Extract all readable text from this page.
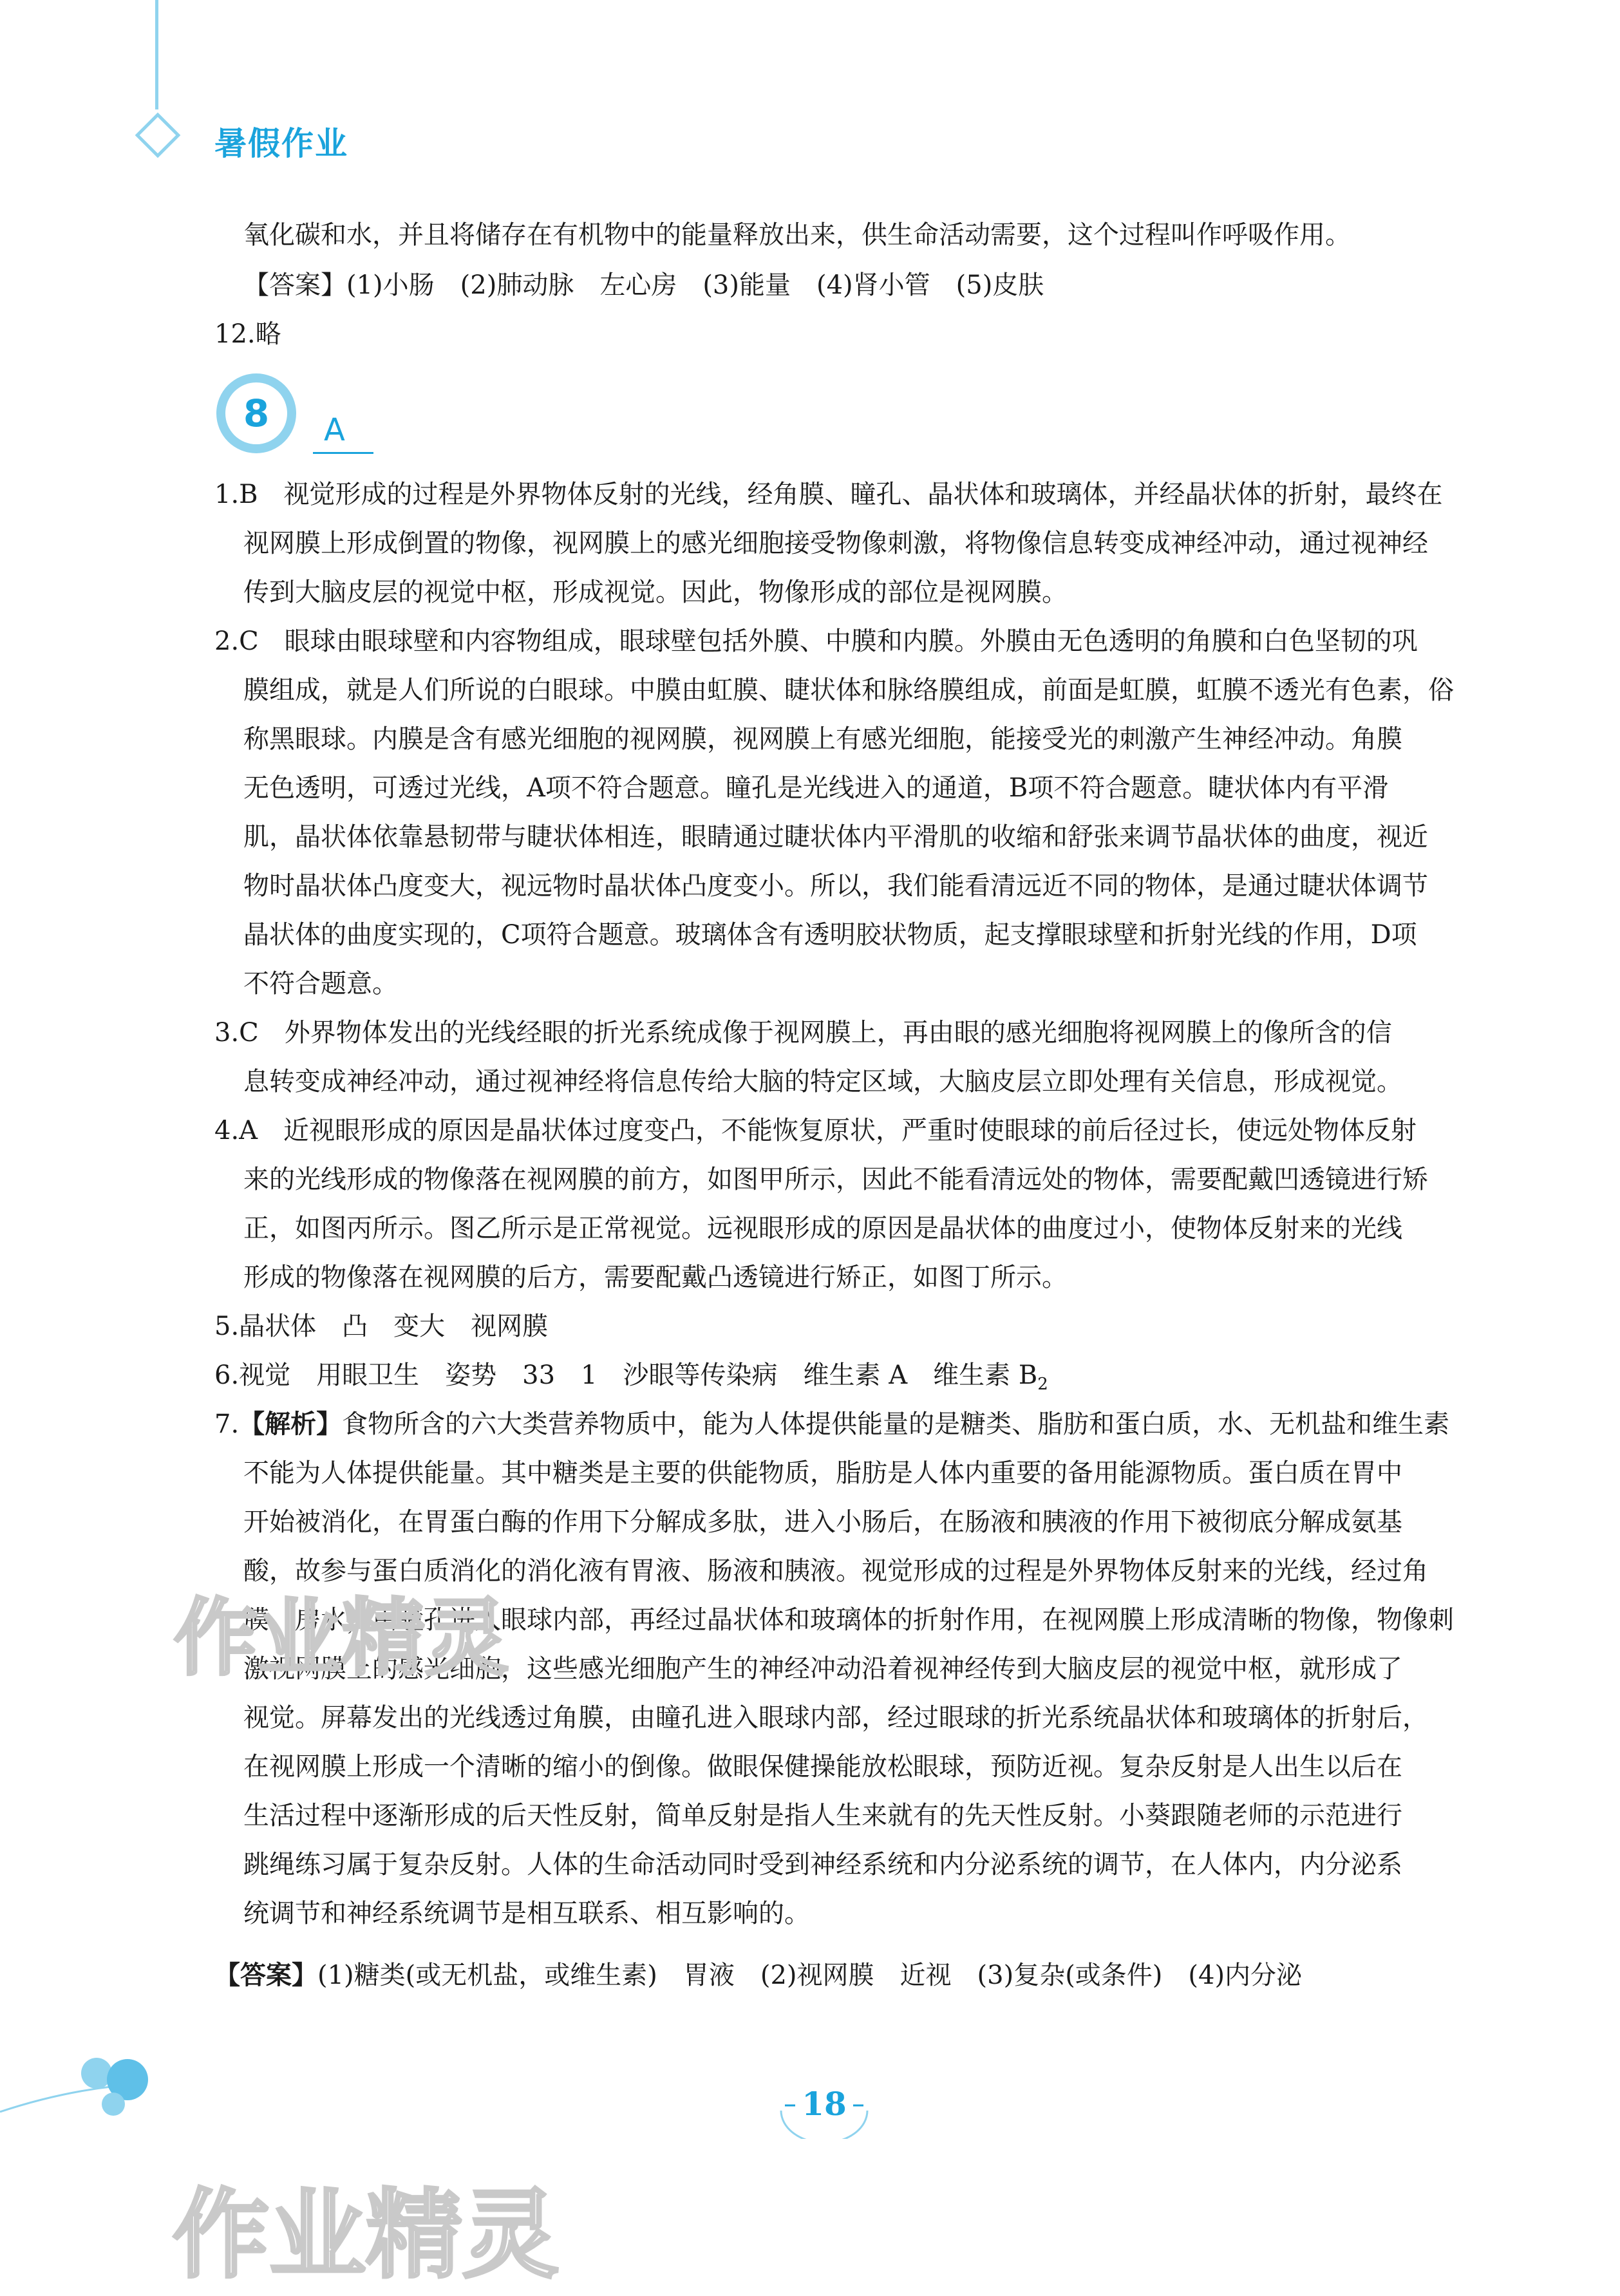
暑假作业
氧化碳和水，并且将储存在有机物中的能量释放出来，供生命活动需要，这个过程叫作呼吸作用。
【答案】(1)小肠　(2)肺动脉　左心房　(3)能量　(4)肾小管　(5)皮肤
12.略
8 A
1.B　视觉形成的过程是外界物体反射的光线，经角膜、瞳孔、晶状体和玻璃体，并经晶状体的折射，最终在
视网膜上形成倒置的物像，视网膜上的感光细胞接受物像刺激，将物像信息转变成神经冲动，通过视神经
传到大脑皮层的视觉中枢，形成视觉。因此，物像形成的部位是视网膜。
2.C　眼球由眼球壁和内容物组成，眼球壁包括外膜、中膜和内膜。外膜由无色透明的角膜和白色坚韧的巩
膜组成，就是人们所说的白眼球。中膜由虹膜、睫状体和脉络膜组成，前面是虹膜，虹膜不透光有色素，俗
称黑眼球。内膜是含有感光细胞的视网膜，视网膜上有感光细胞，能接受光的刺激产生神经冲动。角膜
无色透明，可透过光线，A项不符合题意。瞳孔是光线进入的通道，B项不符合题意。睫状体内有平滑
肌，晶状体依靠悬韧带与睫状体相连，眼睛通过睫状体内平滑肌的收缩和舒张来调节晶状体的曲度，视近
物时晶状体凸度变大，视远物时晶状体凸度变小。所以，我们能看清远近不同的物体，是通过睫状体调节
晶状体的曲度实现的，C项符合题意。玻璃体含有透明胶状物质，起支撑眼球壁和折射光线的作用，D项
不符合题意。
3.C　外界物体发出的光线经眼的折光系统成像于视网膜上，再由眼的感光细胞将视网膜上的像所含的信
息转变成神经冲动，通过视神经将信息传给大脑的特定区域，大脑皮层立即处理有关信息，形成视觉。
4.A　近视眼形成的原因是晶状体过度变凸，不能恢复原状，严重时使眼球的前后径过长，使远处物体反射
来的光线形成的物像落在视网膜的前方，如图甲所示，因此不能看清远处的物体，需要配戴凹透镜进行矫
正，如图丙所示。图乙所示是正常视觉。远视眼形成的原因是晶状体的曲度过小，使物体反射来的光线
形成的物像落在视网膜的后方，需要配戴凸透镜进行矫正，如图丁所示。
5.晶状体　凸　变大　视网膜
6.视觉　用眼卫生　姿势　33　1　沙眼等传染病　维生素 A　维生素 $B_2$
7.【解析】食物所含的六大类营养物质中，能为人体提供能量的是糖类、脂肪和蛋白质，水、无机盐和维生素
不能为人体提供能量。其中糖类是主要的供能物质，脂肪是人体内重要的备用能源物质。蛋白质在胃中
开始被消化，在胃蛋白酶的作用下分解成多肽，进入小肠后，在肠液和胰液的作用下被彻底分解成氨基
酸，故参与蛋白质消化的消化液有胃液、肠液和胰液。视觉形成的过程是外界物体反射来的光线，经过角
膜、房水，由瞳孔进入眼球内部，再经过晶状体和玻璃体的折射作用，在视网膜上形成清晰的物像，物像刺
激视网膜上的感光细胞，这些感光细胞产生的神经冲动沿着视神经传到大脑皮层的视觉中枢，就形成了
视觉。屏幕发出的光线透过角膜，由瞳孔进入眼球内部，经过眼球的折光系统晶状体和玻璃体的折射后，
在视网膜上形成一个清晰的缩小的倒像。做眼保健操能放松眼球，预防近视。复杂反射是人出生以后在
生活过程中逐渐形成的后天性反射，简单反射是指人生来就有的先天性反射。小葵跟随老师的示范进行
跳绳练习属于复杂反射。人体的生命活动同时受到神经系统和内分泌系统的调节，在人体内，内分泌系
统调节和神经系统调节是相互联系、相互影响的。
【答案】(1)糖类(或无机盐，或维生素)　胃液　(2)视网膜　近视　(3)复杂(或条件)　(4)内分泌
作业精灵
作业精灵
18
